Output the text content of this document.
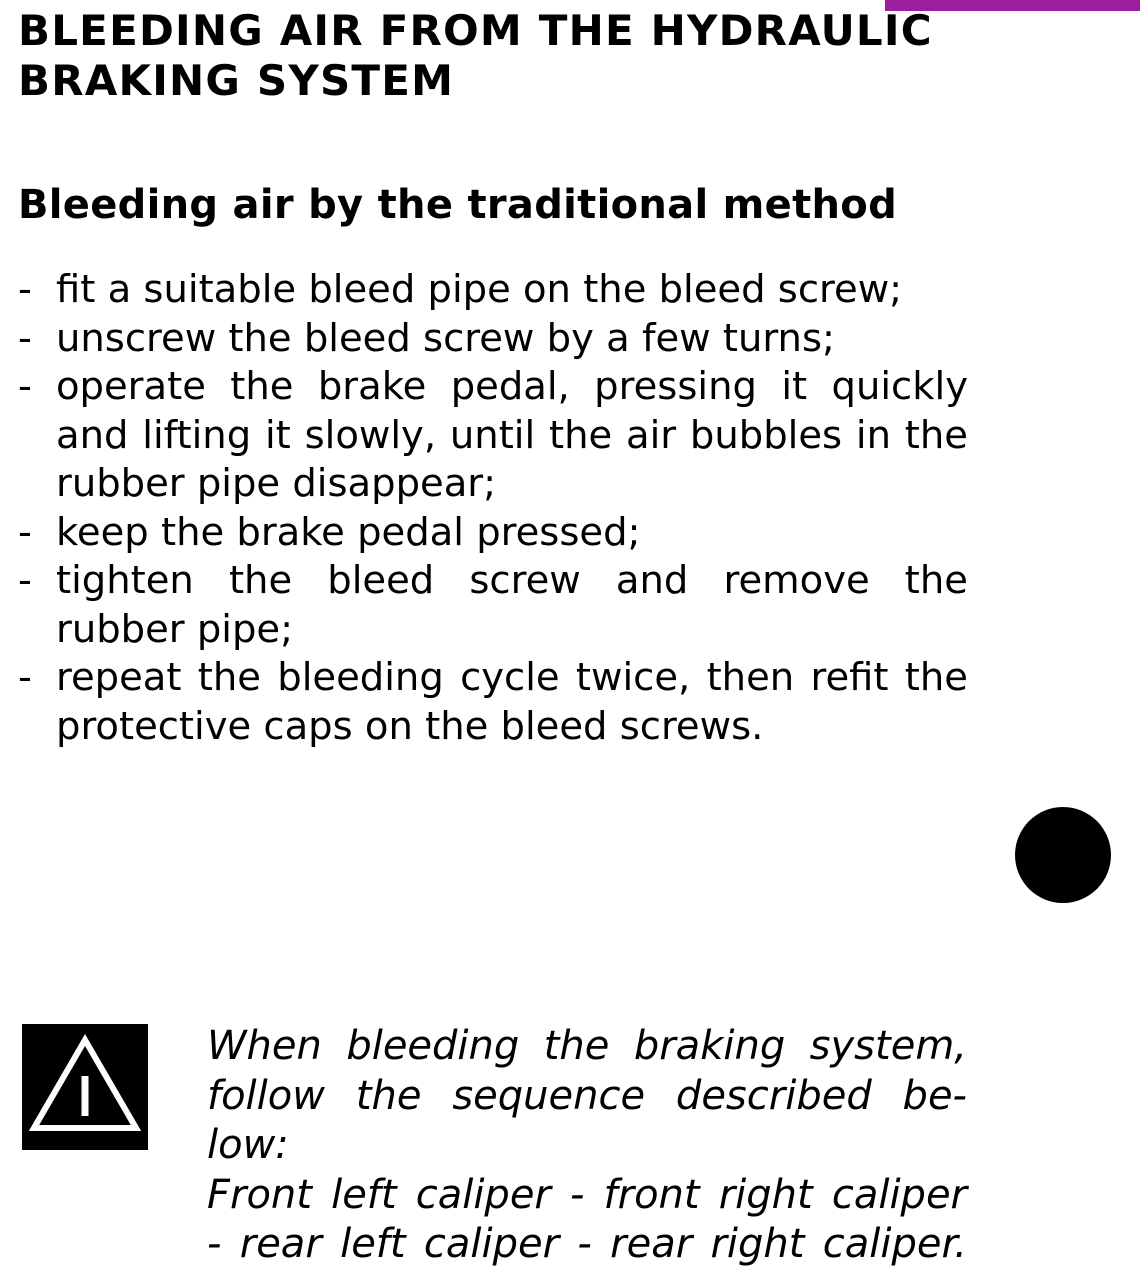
BLEEDING AIR FROM THE HYDRAULIC
BRAKING SYSTEM
Bleeding air by the traditional method
- fit a suitable bleed pipe on the bleed screw;
- unscrew the bleed screw by a few turns;
- operate the brake pedal, pressing it quickly and lifting it slowly, until the air bubbles in the rubber pipe disappear;
- keep the brake pedal pressed;
- tighten the bleed screw and remove the rubber pipe;
- repeat the bleeding cycle twice, then refit the protective caps on the bleed screws.

When bleeding the braking system,
follow the sequence described be-
low:
Front left caliper - front right caliper
- rear left caliper - rear right caliper.
